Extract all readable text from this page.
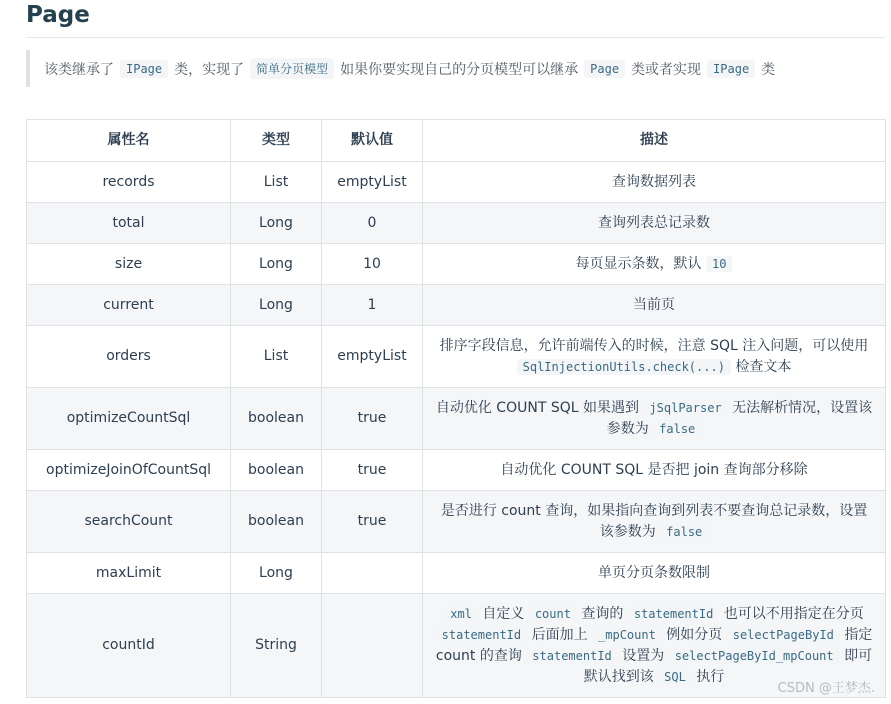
Page
该类继承了	IPage 类，实现了	简单分页模型 如果你要实现自己的分页模型可以继承	Page 类或者实现	IPage 类
属性名	类型	默认值	描述
records	List	emptyList	查询数据列表
total	Long	0	查询列表总记录数
size	Long	10	每页显示条数，默认 10
current	Long	1	当前页
orders	List	emptyList	排序字段信息，允许前端传入的时候，注意 SQL 注入问题，可以使用 SqlInjectionUtils.check(...) 检查文本
optimizeCountSql	boolean	true	自动优化 COUNT SQL 如果遇到 jSqlParser 无法解析情况，设置该参数为 false
optimizeJoinOfCountSql	boolean	true	自动优化 COUNT SQL 是否把 join 查询部分移除
searchCount	boolean	true	是否进行 count 查询，如果指向查询到列表不要查询总记录数，设置该参数为 false
maxLimit	Long		单页分页条数限制
countId	String		xml 自定义 count 查询的 statementId 也可以不用指定在分页 statementId 后面加上 _mpCount 例如分页 selectPageById 指定 count 的查询 statementId 设置为 selectPageById_mpCount 即可默认找到该 SQL 执行
CSDN @王梦杰.
